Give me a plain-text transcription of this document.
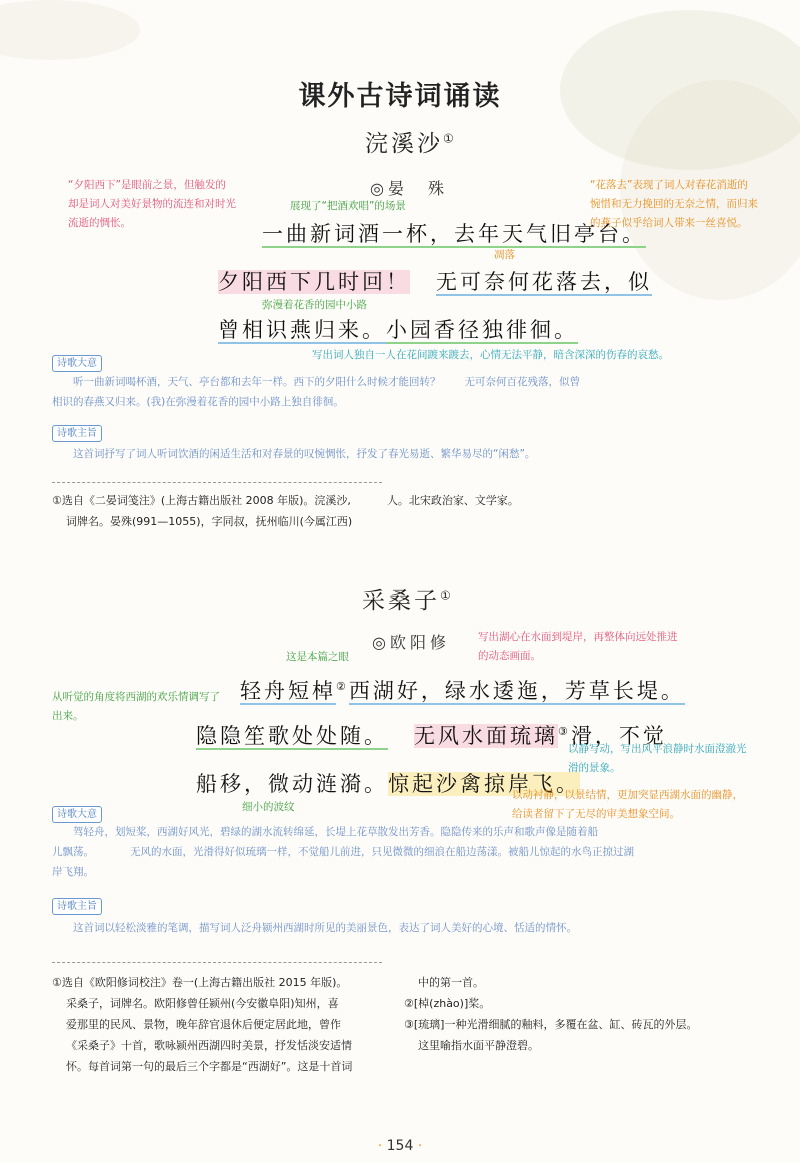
课外古诗词诵读
浣溪沙①
◎晏　殊
“夕阳西下”是眼前之景，但触发的却是词人对美好景物的流连和对时光流逝的惆怅。
展现了“把酒欢唱”的场景
“花落去”表现了词人对春花消逝的惋惜和无力挽回的无奈之情，而归来的燕子似乎给词人带来一丝喜悦。
一曲新词酒一杯，去年天气旧亭台。
凋落
夕阳西下几时回！ 无可奈何花落去，似
弥漫着花香的园中小路
曾相识燕归来。小园香径独徘徊。
写出词人独自一人在花间踱来踱去，心情无法平静，暗含深深的伤春的哀愁。
诗歌大意
听一曲新词喝杯酒，天气、亭台都和去年一样。西下的夕阳什么时候才能回转？ 无可奈何百花残落，似曾
相识的春燕又归来。(我)在弥漫着花香的园中小路上独自徘徊。
诗歌主旨
这首词抒写了词人听词饮酒的闲适生活和对春景的叹惋惆怅，抒发了春光易逝、繁华易尽的“闲愁”。
①选自《二晏词笺注》(上海古籍出版社 2008 年版)。浣溪沙,	人。北宋政治家、文学家。
词牌名。晏殊(991—1055)，字同叔，抚州临川(今属江西)
采桑子①
◎欧阳修	写出湖心在水面到堤岸，再整体向远处推进的动态画面。
这是本篇之眼
轻舟短棹②西湖好，绿水逶迤，芳草长堤。
从听觉的角度将西湖的欢乐情调写了出来。
隐隐笙歌处处随。 无风水面琉璃③滑，不觉
以静写动，写出风平浪静时水面澄澈光滑的景象。
船移，微动涟漪。惊起沙禽掠岸飞。
以动衬静，以景结情，更加突显西湖水面的幽静，给读者留下了无尽的审美想象空间。
细小的波纹
诗歌大意
驾轻舟，划短桨，西湖好风光，碧绿的湖水流转绵延，长堤上花草散发出芳香。隐隐传来的乐声和歌声像是随着船
儿飘荡。	无风的水面，光滑得好似琉璃一样，不觉船儿前进，只见微微的细浪在船边荡漾。被船儿惊起的水鸟正掠过湖
岸飞翔。
诗歌主旨
这首词以轻松淡雅的笔调，描写词人泛舟颍州西湖时所见的美丽景色，表达了词人美好的心境、恬适的情怀。
①选自《欧阳修词校注》卷一(上海古籍出版社 2015 年版)。
采桑子，词牌名。欧阳修曾任颍州(今安徽阜阳)知州，喜
爱那里的民风、景物，晚年辞官退休后便定居此地，曾作
《采桑子》十首，歌咏颍州西湖四时美景，抒发恬淡安适情
怀。每首词第一句的最后三个字都是“西湖好”。这是十首词
中的第一首。
②[棹(zhào)]桨。
③[琉璃]一种光滑细腻的釉料，多覆在盆、缸、砖瓦的外层。
这里喻指水面平静澄碧。
· 154 ·
